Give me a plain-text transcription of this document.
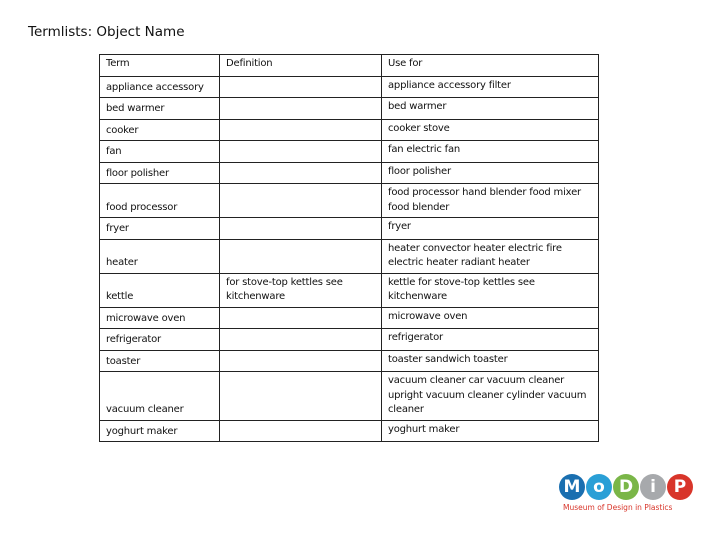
Termlists: Object Name
Term	Definition	Use for
appliance accessory		appliance accessory filter
bed warmer		bed warmer
cooker		cooker stove
fan		fan electric fan
floor polisher		floor polisher
food processor		food processor hand blender food mixer food blender
fryer		fryer
heater		heater convector heater electric fire electric heater radiant heater
kettle	for stove-top kettles see kitchenware	kettle for stove-top kettles see kitchenware
microwave oven		microwave oven
refrigerator		refrigerator
toaster		toaster sandwich toaster
vacuum cleaner		vacuum cleaner car vacuum cleaner upright vacuum cleaner cylinder vacuum cleaner
yoghurt maker		yoghurt maker
M o D	i	P
Museum of Design in Plastics
